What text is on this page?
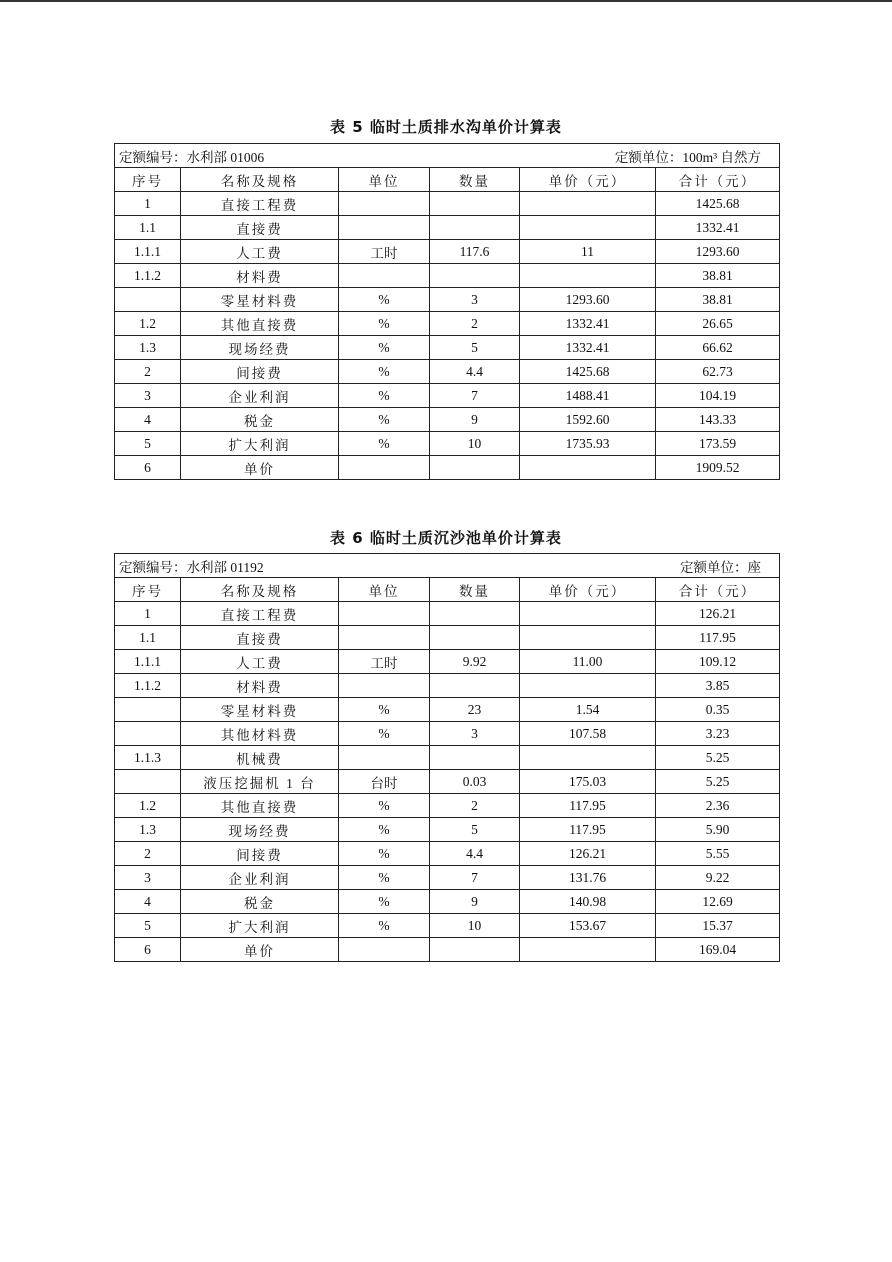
表 5 临时土质排水沟单价计算表
定额编号：水利部 01006 定额单位：100m³ 自然方					

序号	名称及规格	单位	数量	单价（元）	合计（元）
1	直接工程费				1425.68
1.1	直接费				1332.41
1.1.1	人工费	工时	117.6	11	1293.60
1.1.2	材料费				38.81
	零星材料费	%	3	1293.60	38.81
1.2	其他直接费	%	2	1332.41	26.65
1.3	现场经费	%	5	1332.41	66.62
2	间接费	%	4.4	1425.68	62.73
3	企业利润	%	7	1488.41	104.19
4	税金	%	9	1592.60	143.33
5	扩大利润	%	10	1735.93	173.59
6	单价				1909.52
表 6 临时土质沉沙池单价计算表
定额编号：水利部 01192 定额单位：座					

序号	名称及规格	单位	数量	单价（元）	合计（元）
1	直接工程费				126.21
1.1	直接费				117.95
1.1.1	人工费	工时	9.92	11.00	109.12
1.1.2	材料费				3.85
	零星材料费	%	23	1.54	0.35
	其他材料费	%	3	107.58	3.23
1.1.3	机械费				5.25
	液压挖掘机 1 台	台时	0.03	175.03	5.25
1.2	其他直接费	%	2	117.95	2.36
1.3	现场经费	%	5	117.95	5.90
2	间接费	%	4.4	126.21	5.55
3	企业利润	%	7	131.76	9.22
4	税金	%	9	140.98	12.69
5	扩大利润	%	10	153.67	15.37
6	单价				169.04
